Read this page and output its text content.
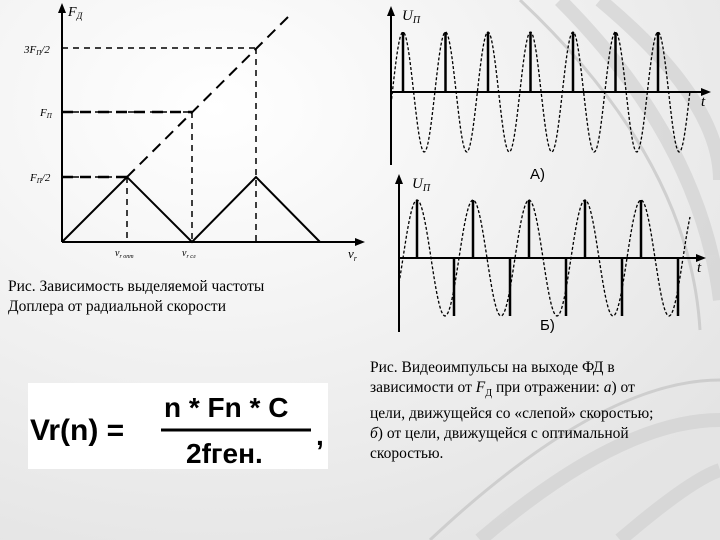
$F_Д$
$v_r$
3FП/2
FП
FП/2
$v_{r опт}$	$v_{r сл}$
$U_П$
t
А)
$U_П$
t
Б)
Рис. Зависимость выделяемой частоты
Доплера от радиальной скорости
Рис. Видеоимпульсы на выходе ФД в
зависимости от $F_Д$ при отражении: а) от
цели, движущейся со «слепой» скоростью;
б) от цели, движущейся с оптимальной
скоростью.
Vr(n) =
n * Fn * C
2fген.
,
